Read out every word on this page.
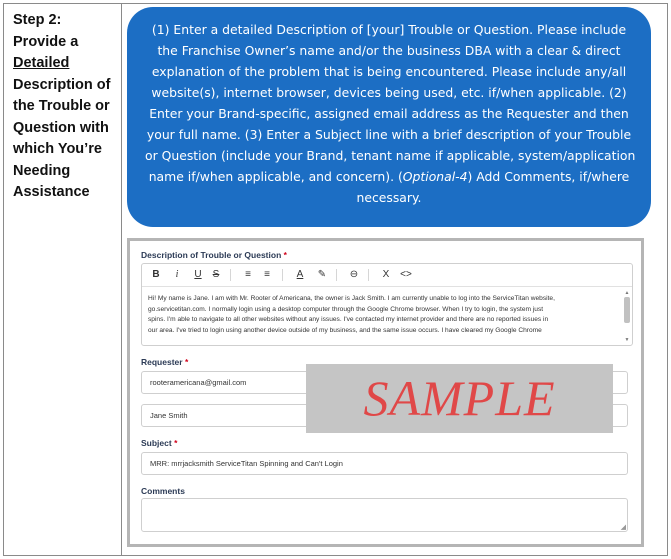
Step 2:
Provide a
Detailed
Description of
the Trouble or
Question with
which You’re
Needing
Assistance
(1) Enter a detailed Description of [your] Trouble or Question. Please include
the Franchise Owner’s name and/or the business DBA with a clear & direct
explanation of the problem that is being encountered. Please include any/all
website(s), internet browser, devices being used, etc. if/when applicable. (2)
Enter your Brand-specific, assigned email address as the Requester and then
your full name. (3) Enter a Subject line with a brief description of your Trouble
or Question (include your Brand, tenant name if applicable, system/application
name if/when applicable, and concern). (Optional-4) Add Comments, if/where
necessary.
Description of Trouble or Question *
B	i	U	S	≡	≡	A	✎	⊖	X	<>
Hi! My name is Jane. I am with Mr. Rooter of Americana, the owner is Jack Smith. I am currently unable to log into the ServiceTitan website,
go.servicetitan.com. I normally login using a desktop computer through the Google Chrome browser. When I try to login, the system just
spins. I'm able to navigate to all other websites without any issues. I've contacted my internet provider and there are no reported issues in
our area. I've tried to login using another device outside of my business, and the same issue occurs. I have cleared my Google Chrome
▲
▼
Requester *
rooteramericana@gmail.com
Jane Smith
Subject *
MRR: mrrjacksmith ServiceTitan Spinning and Can't Login
Comments
◢
SAMPLE
